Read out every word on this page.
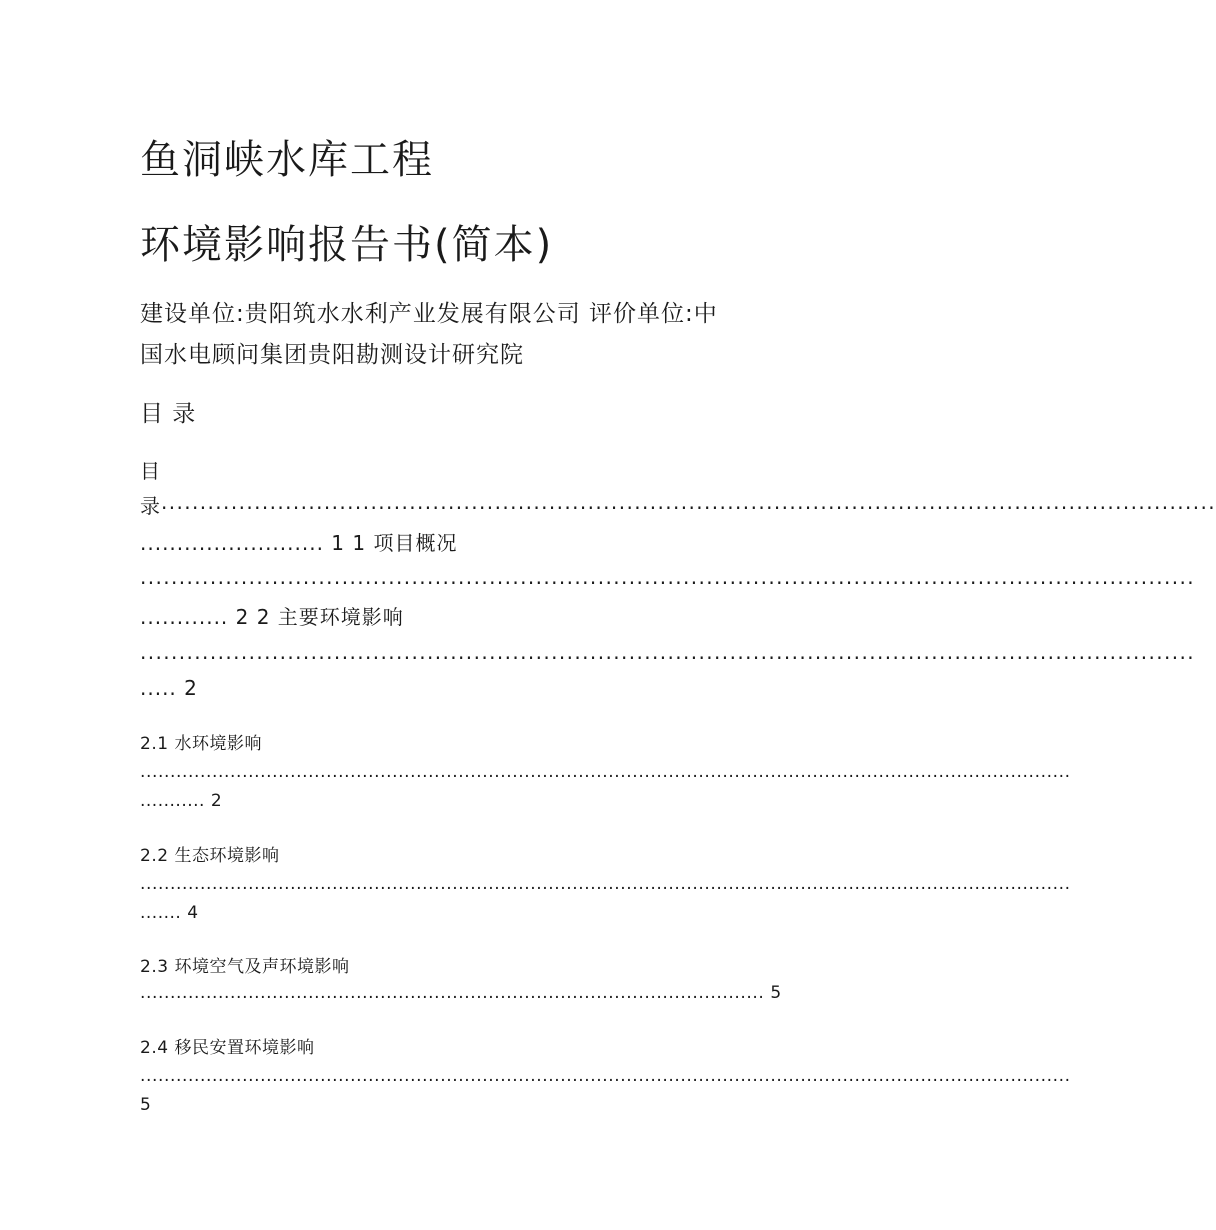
鱼洞峡水库工程
环境影响报告书(简本)
建设单位:贵阳筑水水利产业发展有限公司 评价单位:中
国水电顾问集团贵阳勘测设计研究院
目 录
目
录 ........................................................................................................................................
......................... 1 1 项目概况
........................................................................................................................................
............ 2 2 主要环境影响
........................................................................................................................................
..... 2
2.1 水环境影响
...........................................................................................................................................................
........... 2
2.2 生态环境影响
...........................................................................................................................................................
....... 4
2.3 环境空气及声环境影响
........................................................................................................ 5
2.4 移民安置环境影响
...........................................................................................................................................................
5
